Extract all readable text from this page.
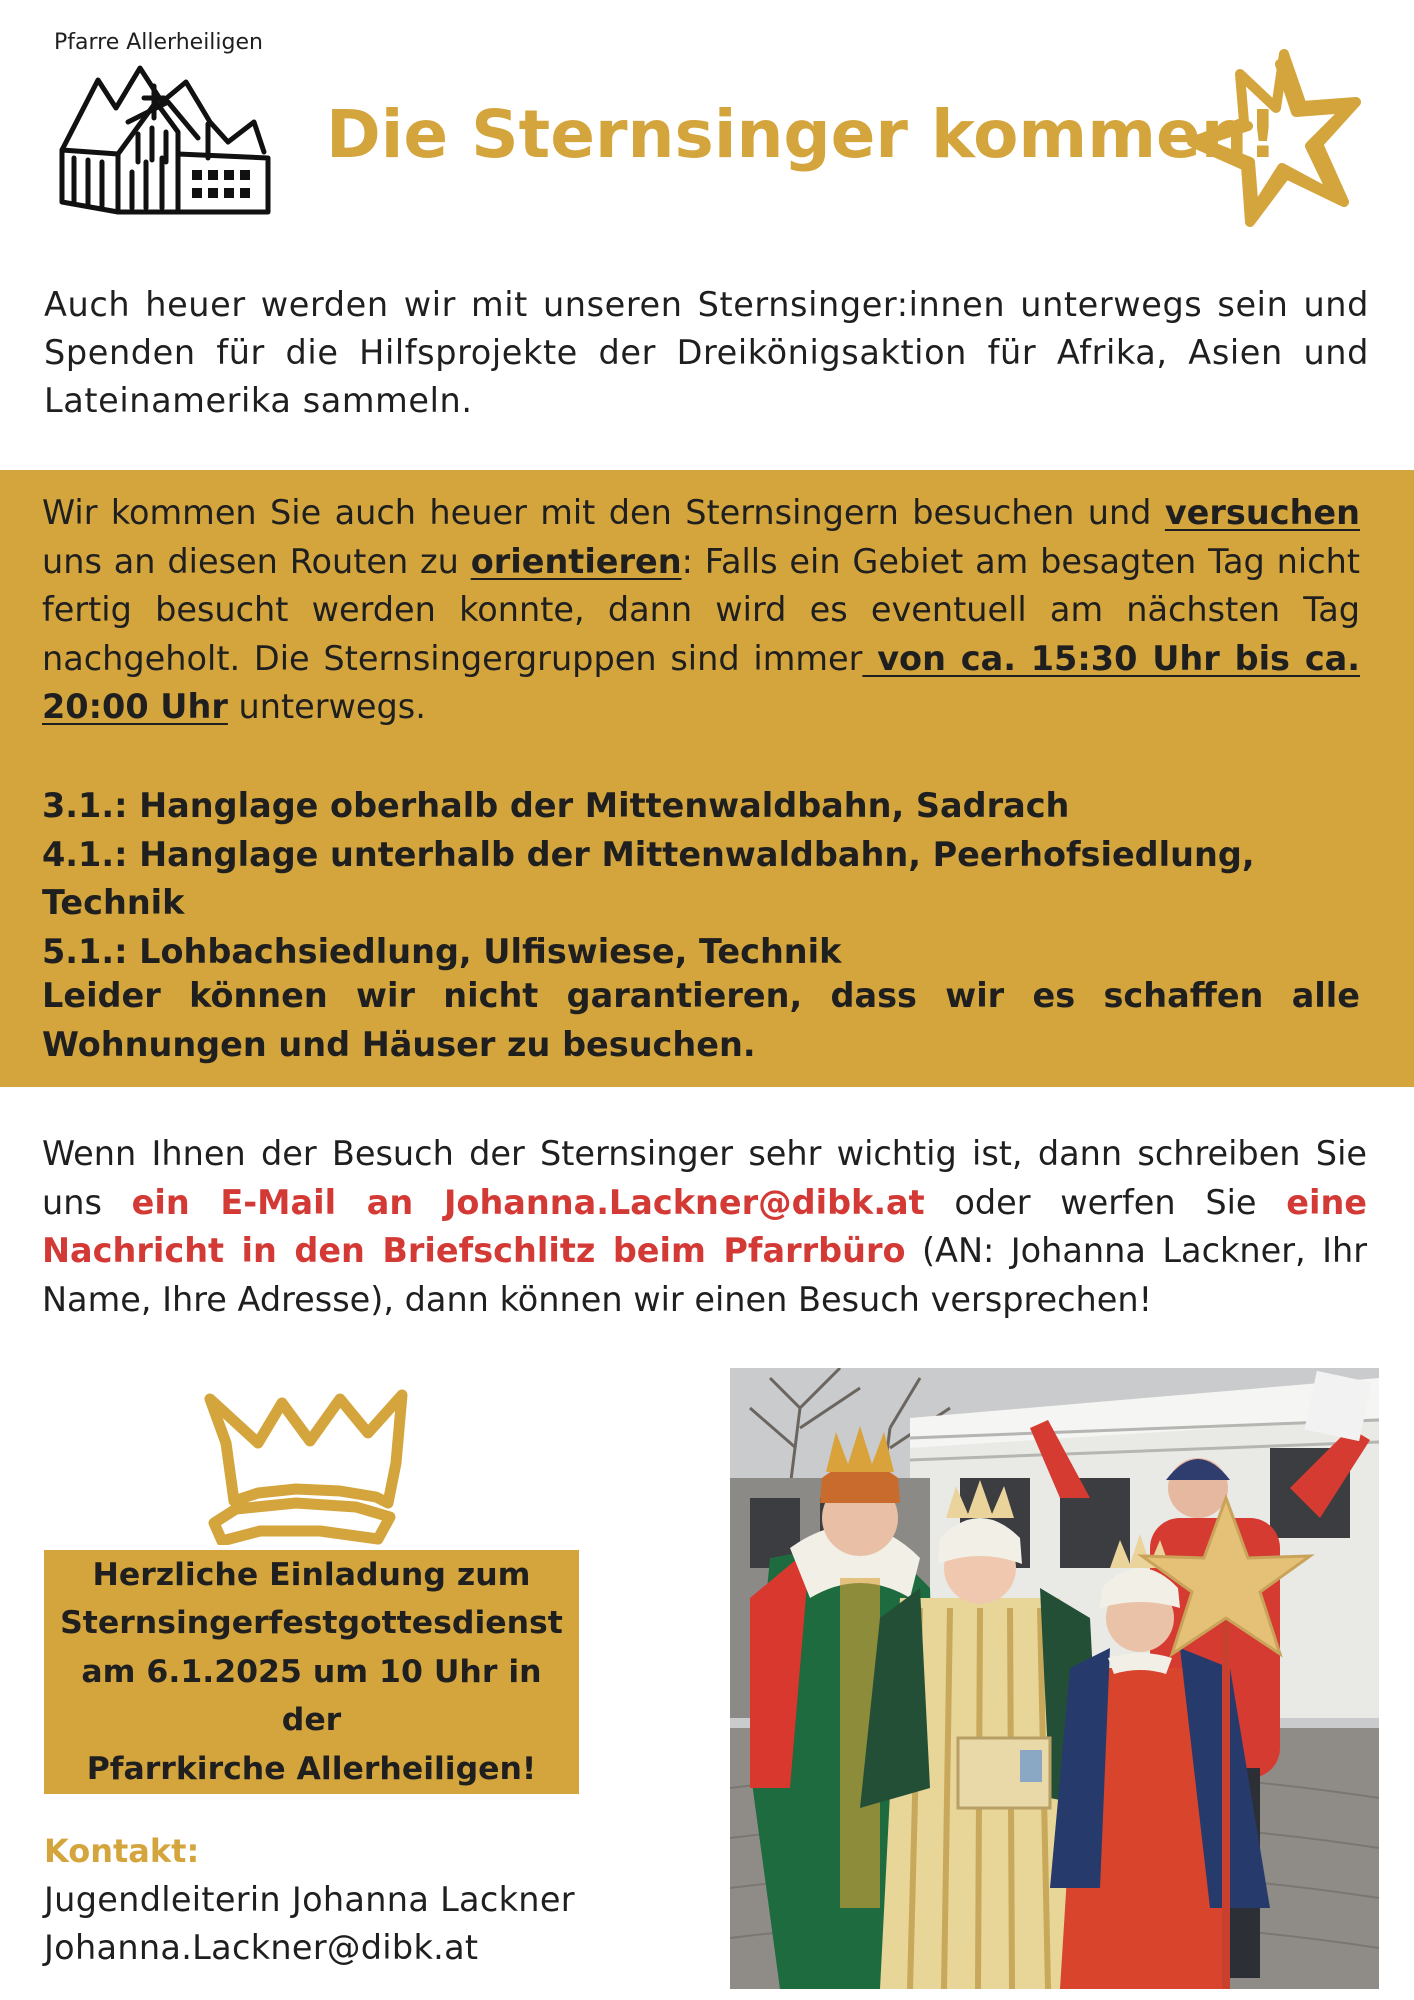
Pfarre Allerheiligen
Die Sternsinger kommen!
Auch heuer werden wir mit unseren Sternsinger:innen unterwegs sein und Spenden für die Hilfsprojekte der Dreikönigsaktion für Afrika, Asien und Lateinamerika sammeln.
Wir kommen Sie auch heuer mit den Sternsingern besuchen und versuchen uns an diesen Routen zu orientieren: Falls ein Gebiet am besagten Tag nicht fertig besucht werden konnte, dann wird es eventuell am nächsten Tag nachgeholt. Die Sternsingergruppen sind immer von ca. 15:30 Uhr bis ca. 20:00 Uhr unterwegs.
3.1.: Hanglage oberhalb der Mittenwaldbahn, Sadrach
4.1.: Hanglage unterhalb der Mittenwaldbahn, Peerhofsiedlung, Technik
5.1.: Lohbachsiedlung, Ulfiswiese, Technik
Leider können wir nicht garantieren, dass wir es schaffen alle Wohnungen und Häuser zu besuchen.
Wenn Ihnen der Besuch der Sternsinger sehr wichtig ist, dann schreiben Sie uns ein E-Mail an Johanna.Lackner@dibk.at oder werfen Sie eine Nachricht in den Briefschlitz beim Pfarrbüro (AN: Johanna Lackner, Ihr Name, Ihre Adresse), dann können wir einen Besuch versprechen!
Herzliche Einladung zum
Sternsingerfestgottesdienst
am 6.1.2025 um 10 Uhr in der
Pfarrkirche Allerheiligen!
Kontakt:
Jugendleiterin Johanna Lackner
Johanna.Lackner@dibk.at
